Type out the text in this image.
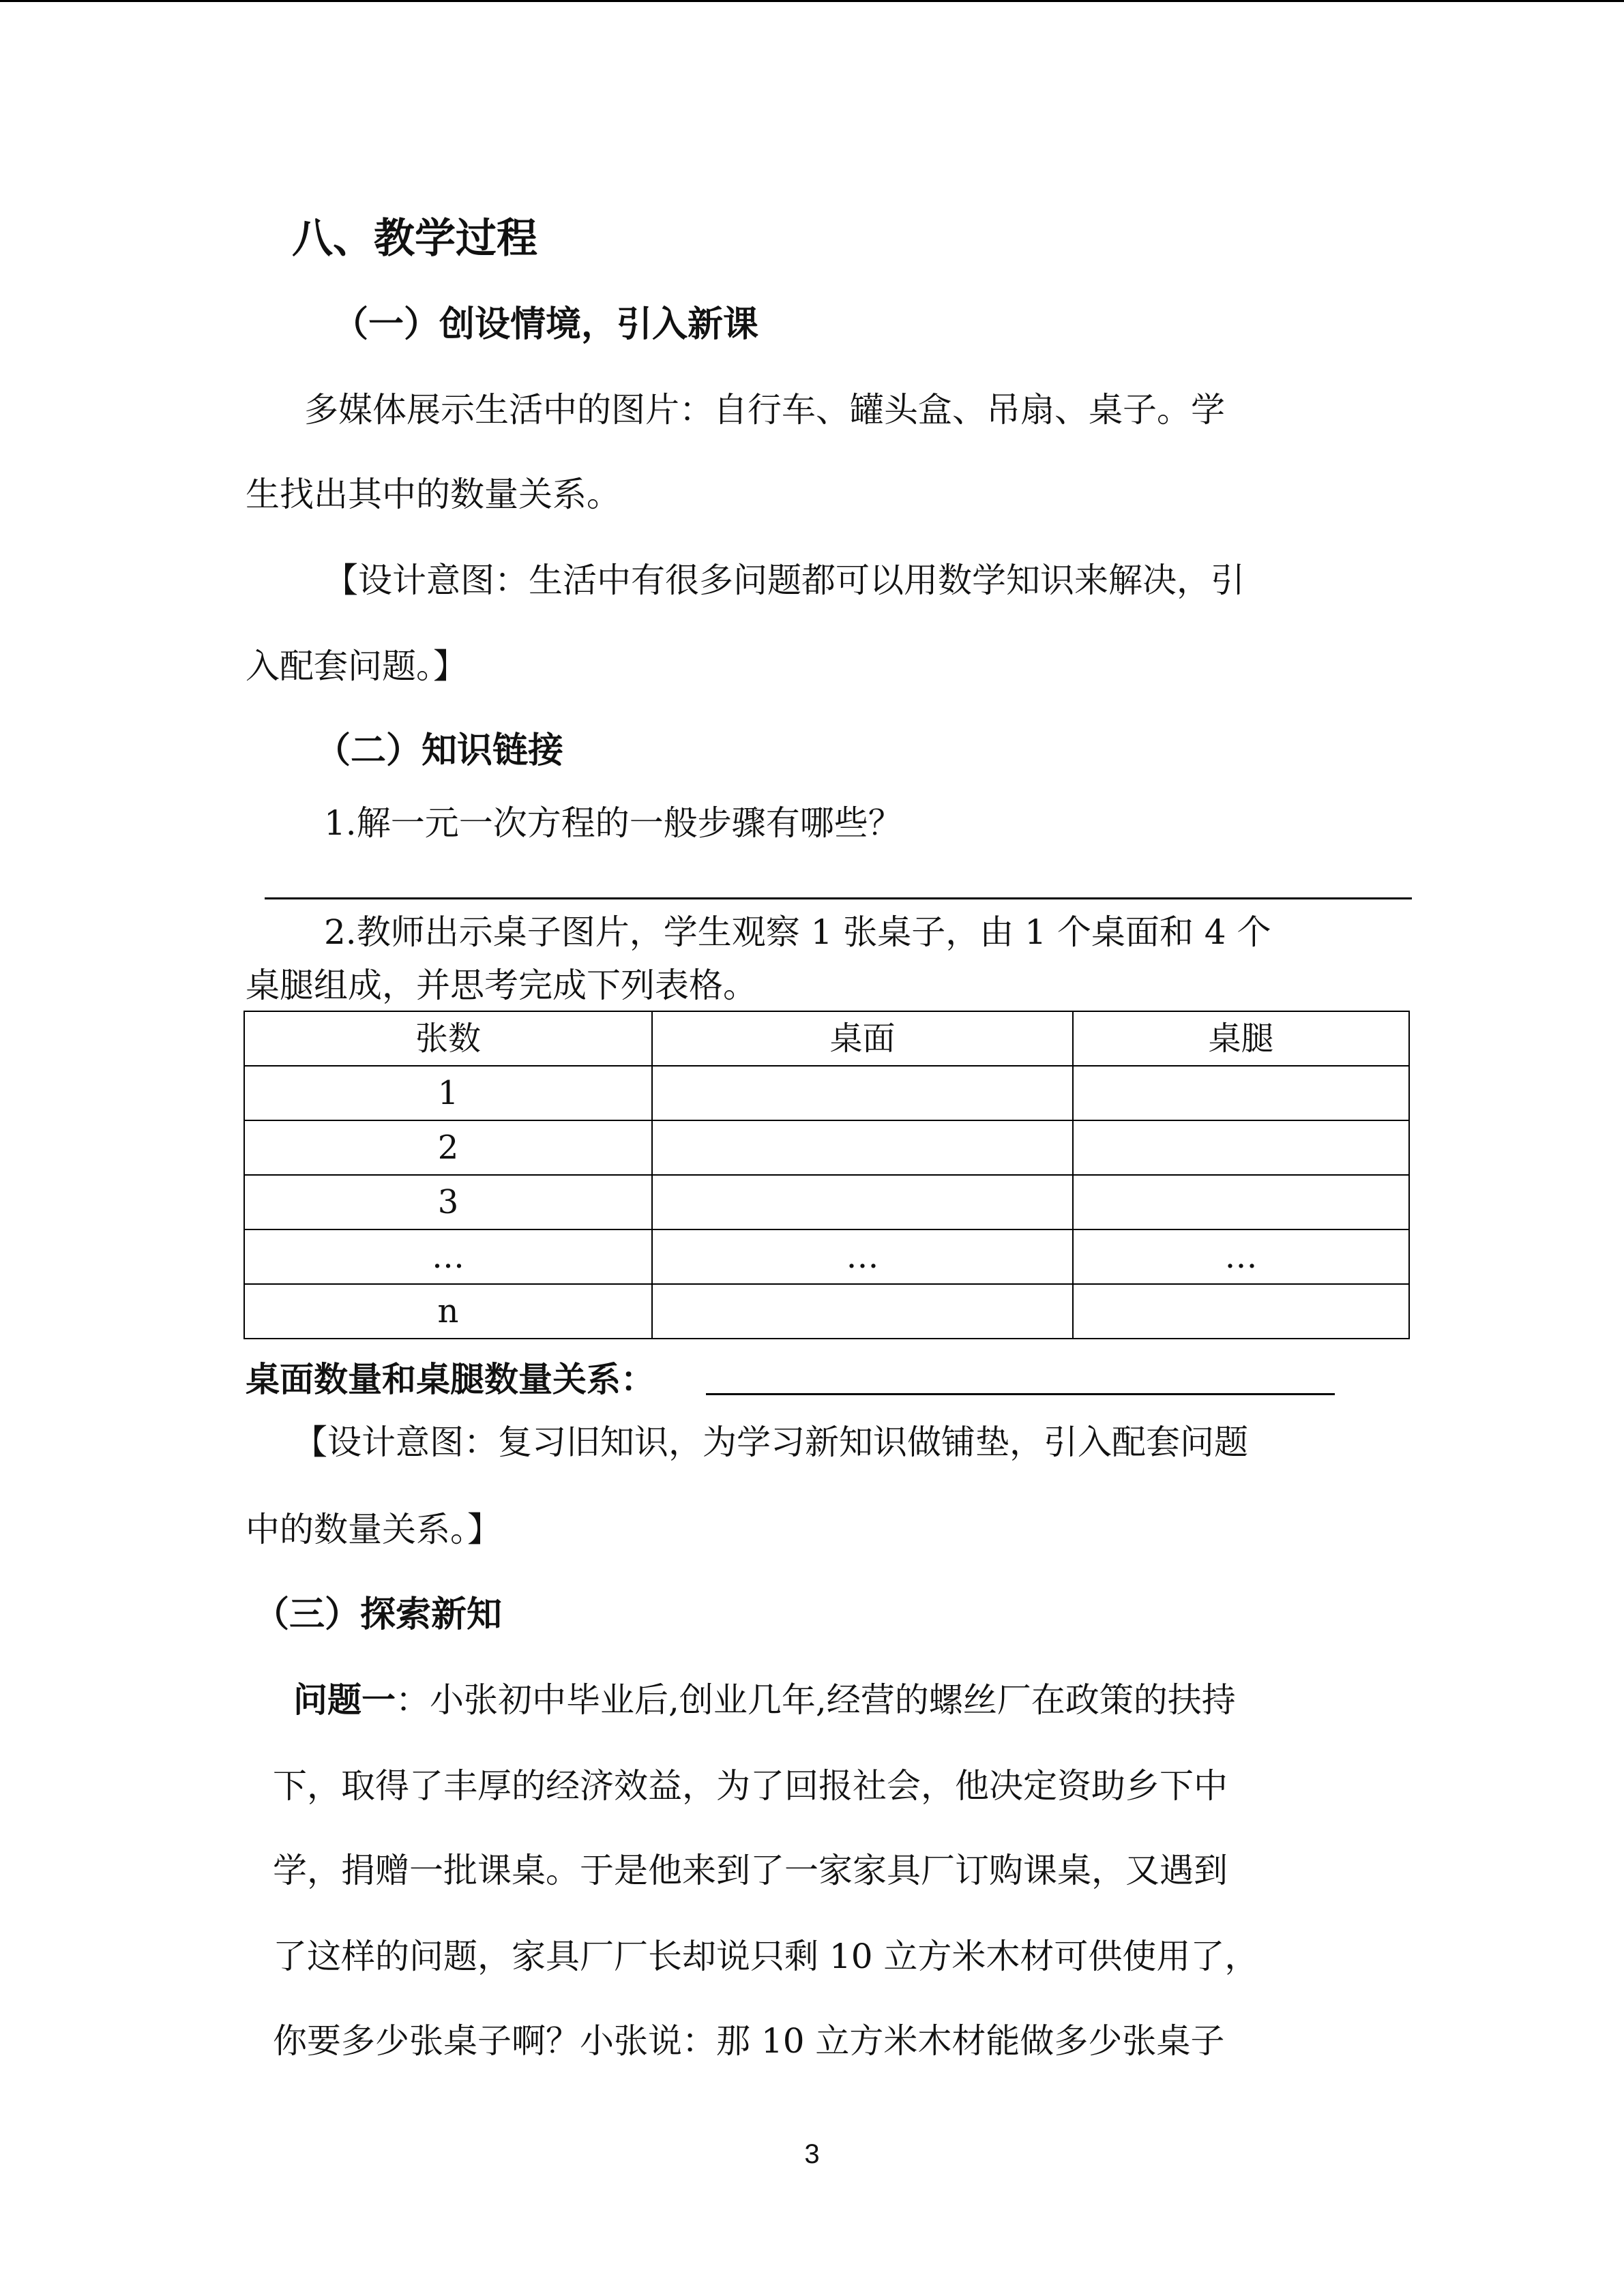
八、教学过程
（一）创设情境，引入新课
多媒体展示生活中的图片：自行车、罐头盒、吊扇、桌子。学
生找出其中的数量关系。
【设计意图：生活中有很多问题都可以用数学知识来解决，引
入配套问题。】
（二）知识链接
1.解一元一次方程的一般步骤有哪些？
2.教师出示桌子图片，学生观察 1 张桌子，由 1 个桌面和 4 个
桌腿组成，并思考完成下列表格。
张数	桌面	桌腿
1		
2		
3		
…	…	…
n		
桌面数量和桌腿数量关系：
【设计意图：复习旧知识，为学习新知识做铺垫，引入配套问题
中的数量关系。】
（三）探索新知
问题一：小张初中毕业后,创业几年,经营的螺丝厂在政策的扶持
下，取得了丰厚的经济效益，为了回报社会，他决定资助乡下中
学，捐赠一批课桌。于是他来到了一家家具厂订购课桌，又遇到
了这样的问题，家具厂厂长却说只剩 10 立方米木材可供使用了，
你要多少张桌子啊？小张说：那 10 立方米木材能做多少张桌子
3
